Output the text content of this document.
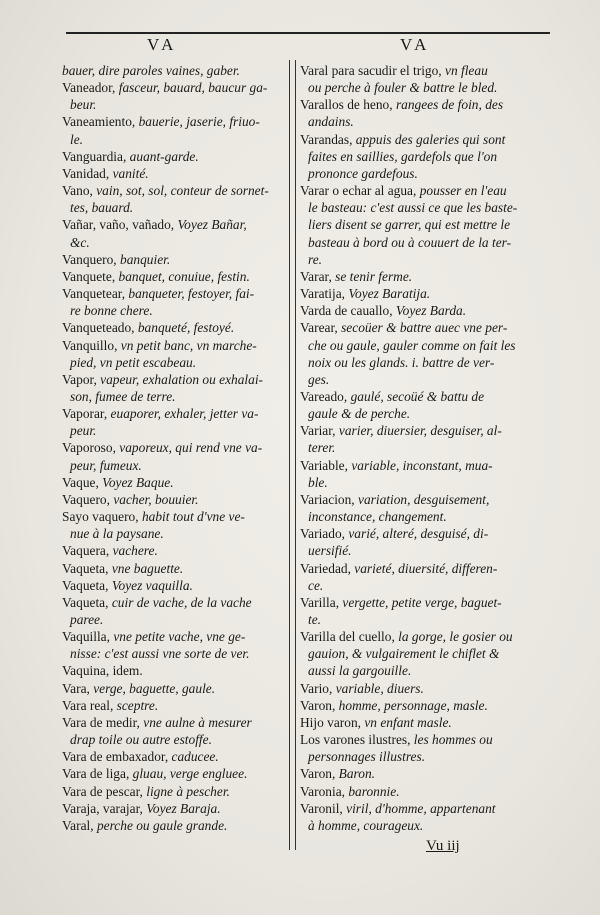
VA	VA
bauer, dire paroles vaines, gaber.
Vaneador, fasceur, bauard, baucur ga-
beur.
Vaneamiento, bauerie, jaserie, friuo-
le.
Vanguardia, auant-garde.
Vanidad, vanité.
Vano, vain, sot, sol, conteur de sornet-
tes, bauard.
Vañar, vaño, vañado, Voyez Bañar,
&c.
Vanquero, banquier.
Vanquete, banquet, conuiue, festin.
Vanquetear, banqueter, festoyer, fai-
re bonne chere.
Vanqueteado, banqueté, festoyé.
Vanquillo, vn petit banc, vn marche-
pied, vn petit escabeau.
Vapor, vapeur, exhalation ou exhalai-
son, fumee de terre.
Vaporar, euaporer, exhaler, jetter va-
peur.
Vaporoso, vaporeux, qui rend vne va-
peur, fumeux.
Vaque, Voyez Baque.
Vaquero, vacher, bouuier.
Sayo vaquero, habit tout d'vne ve-
nue à la paysane.
Vaquera, vachere.
Vaqueta, vne baguette.
Vaqueta, Voyez vaquilla.
Vaqueta, cuir de vache, de la vache
paree.
Vaquilla, vne petite vache, vne ge-
nisse: c'est aussi vne sorte de ver.
Vaquina, idem.
Vara, verge, baguette, gaule.
Vara real, sceptre.
Vara de medir, vne aulne à mesurer
drap toile ou autre estoffe.
Vara de embaxador, caducee.
Vara de liga, gluau, verge engluee.
Vara de pescar, ligne à pescher.
Varaja, varajar, Voyez Baraja.
Varal, perche ou gaule grande.
Varal para sacudir el trigo, vn fleau
ou perche à fouler & battre le bled.
Varallos de heno, rangees de foin, des
andains.
Varandas, appuis des galeries qui sont
faites en saillies, gardefols que l'on
prononce gardefous.
Varar o echar al agua, pousser en l'eau
le basteau: c'est aussi ce que les baste-
liers disent se garrer, qui est mettre le
basteau à bord ou à couuert de la ter-
re.
Varar, se tenir ferme.
Varatija, Voyez Baratija.
Varda de cauallo, Voyez Barda.
Varear, secoüer & battre auec vne per-
che ou gaule, gauler comme on fait les
noix ou les glands. i. battre de ver-
ges.
Vareado, gaulé, secoüé & battu de
gaule & de perche.
Variar, varier, diuersier, desguiser, al-
terer.
Variable, variable, inconstant, mua-
ble.
Variacion, variation, desguisement,
inconstance, changement.
Variado, varié, alteré, desguisé, di-
uersifié.
Variedad, varieté, diuersité, differen-
ce.
Varilla, vergette, petite verge, baguet-
te.
Varilla del cuello, la gorge, le gosier ou
gauion, & vulgairement le chiflet &
aussi la gargouille.
Vario, variable, diuers.
Varon, homme, personnage, masle.
Hijo varon, vn enfant masle.
Los varones ilustres, les hommes ou
personnages illustres.
Varon, Baron.
Varonia, baronnie.
Varonil, viril, d'homme, appartenant
à homme, courageux.
Vu iij
